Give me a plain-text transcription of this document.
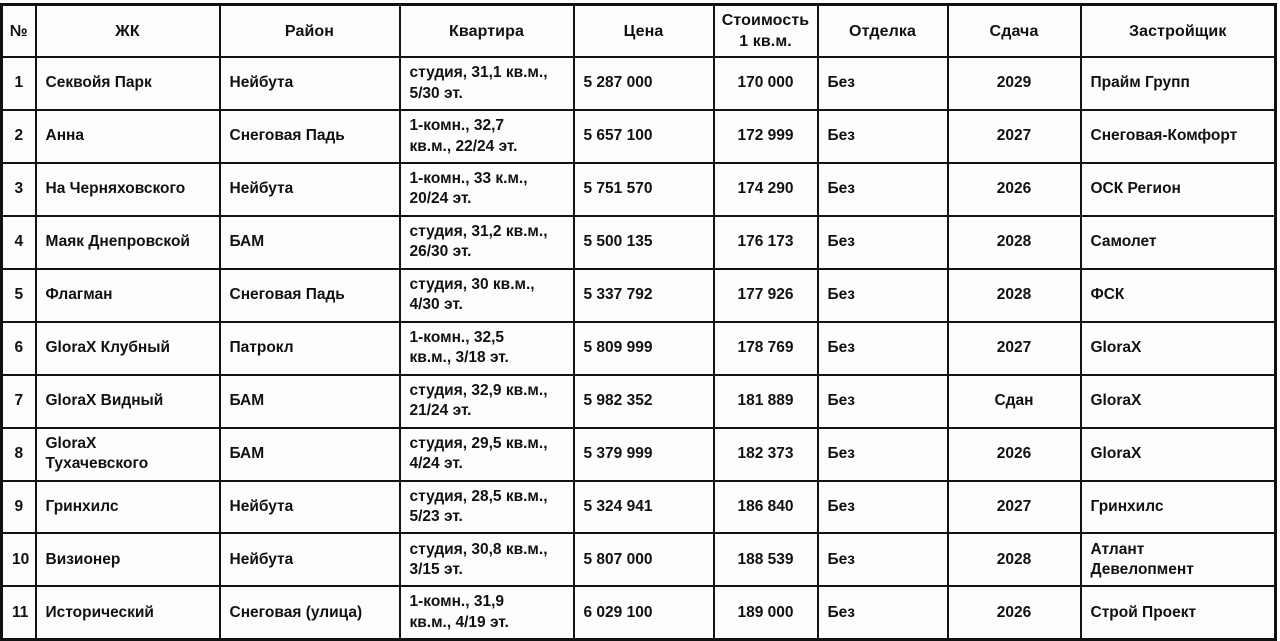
№	ЖК	Район	Квартира	Цена	Стоимость
1 кв.м.	Отделка	Сдача	Застройщик
1	Секвойя Парк	Нейбута	студия, 31,1 кв.м.,
5/30 эт.	5 287 000	170 000	Без	2029	Прайм Групп
2	Анна	Снеговая Падь	1-комн., 32,7
кв.м., 22/24 эт.	5 657 100	172 999	Без	2027	Снеговая-Комфорт
3	На Черняховского	Нейбута	1-комн., 33 к.м.,
20/24 эт.	5 751 570	174 290	Без	2026	ОСК Регион
4	Маяк Днепровской	БАМ	студия, 31,2 кв.м.,
26/30 эт.	5 500 135	176 173	Без	2028	Самолет
5	Флагман	Снеговая Падь	студия, 30 кв.м.,
4/30 эт.	5 337 792	177 926	Без	2028	ФСК
6	GloraX Клубный	Патрокл	1-комн., 32,5
кв.м., 3/18 эт.	5 809 999	178 769	Без	2027	GloraX
7	GloraX Видный	БАМ	студия, 32,9 кв.м.,
21/24 эт.	5 982 352	181 889	Без	Сдан	GloraX
8	GloraX
Тухачевского	БАМ	студия, 29,5 кв.м.,
4/24 эт.	5 379 999	182 373	Без	2026	GloraX
9	Гринхилс	Нейбута	студия, 28,5 кв.м.,
5/23 эт.	5 324 941	186 840	Без	2027	Гринхилс
10	Визионер	Нейбута	студия, 30,8 кв.м.,
3/15 эт.	5 807 000	188 539	Без	2028	Атлант
Девелопмент
11	Исторический	Снеговая (улица)	1-комн., 31,9
кв.м., 4/19 эт.	6 029 100	189 000	Без	2026	Строй Проект
